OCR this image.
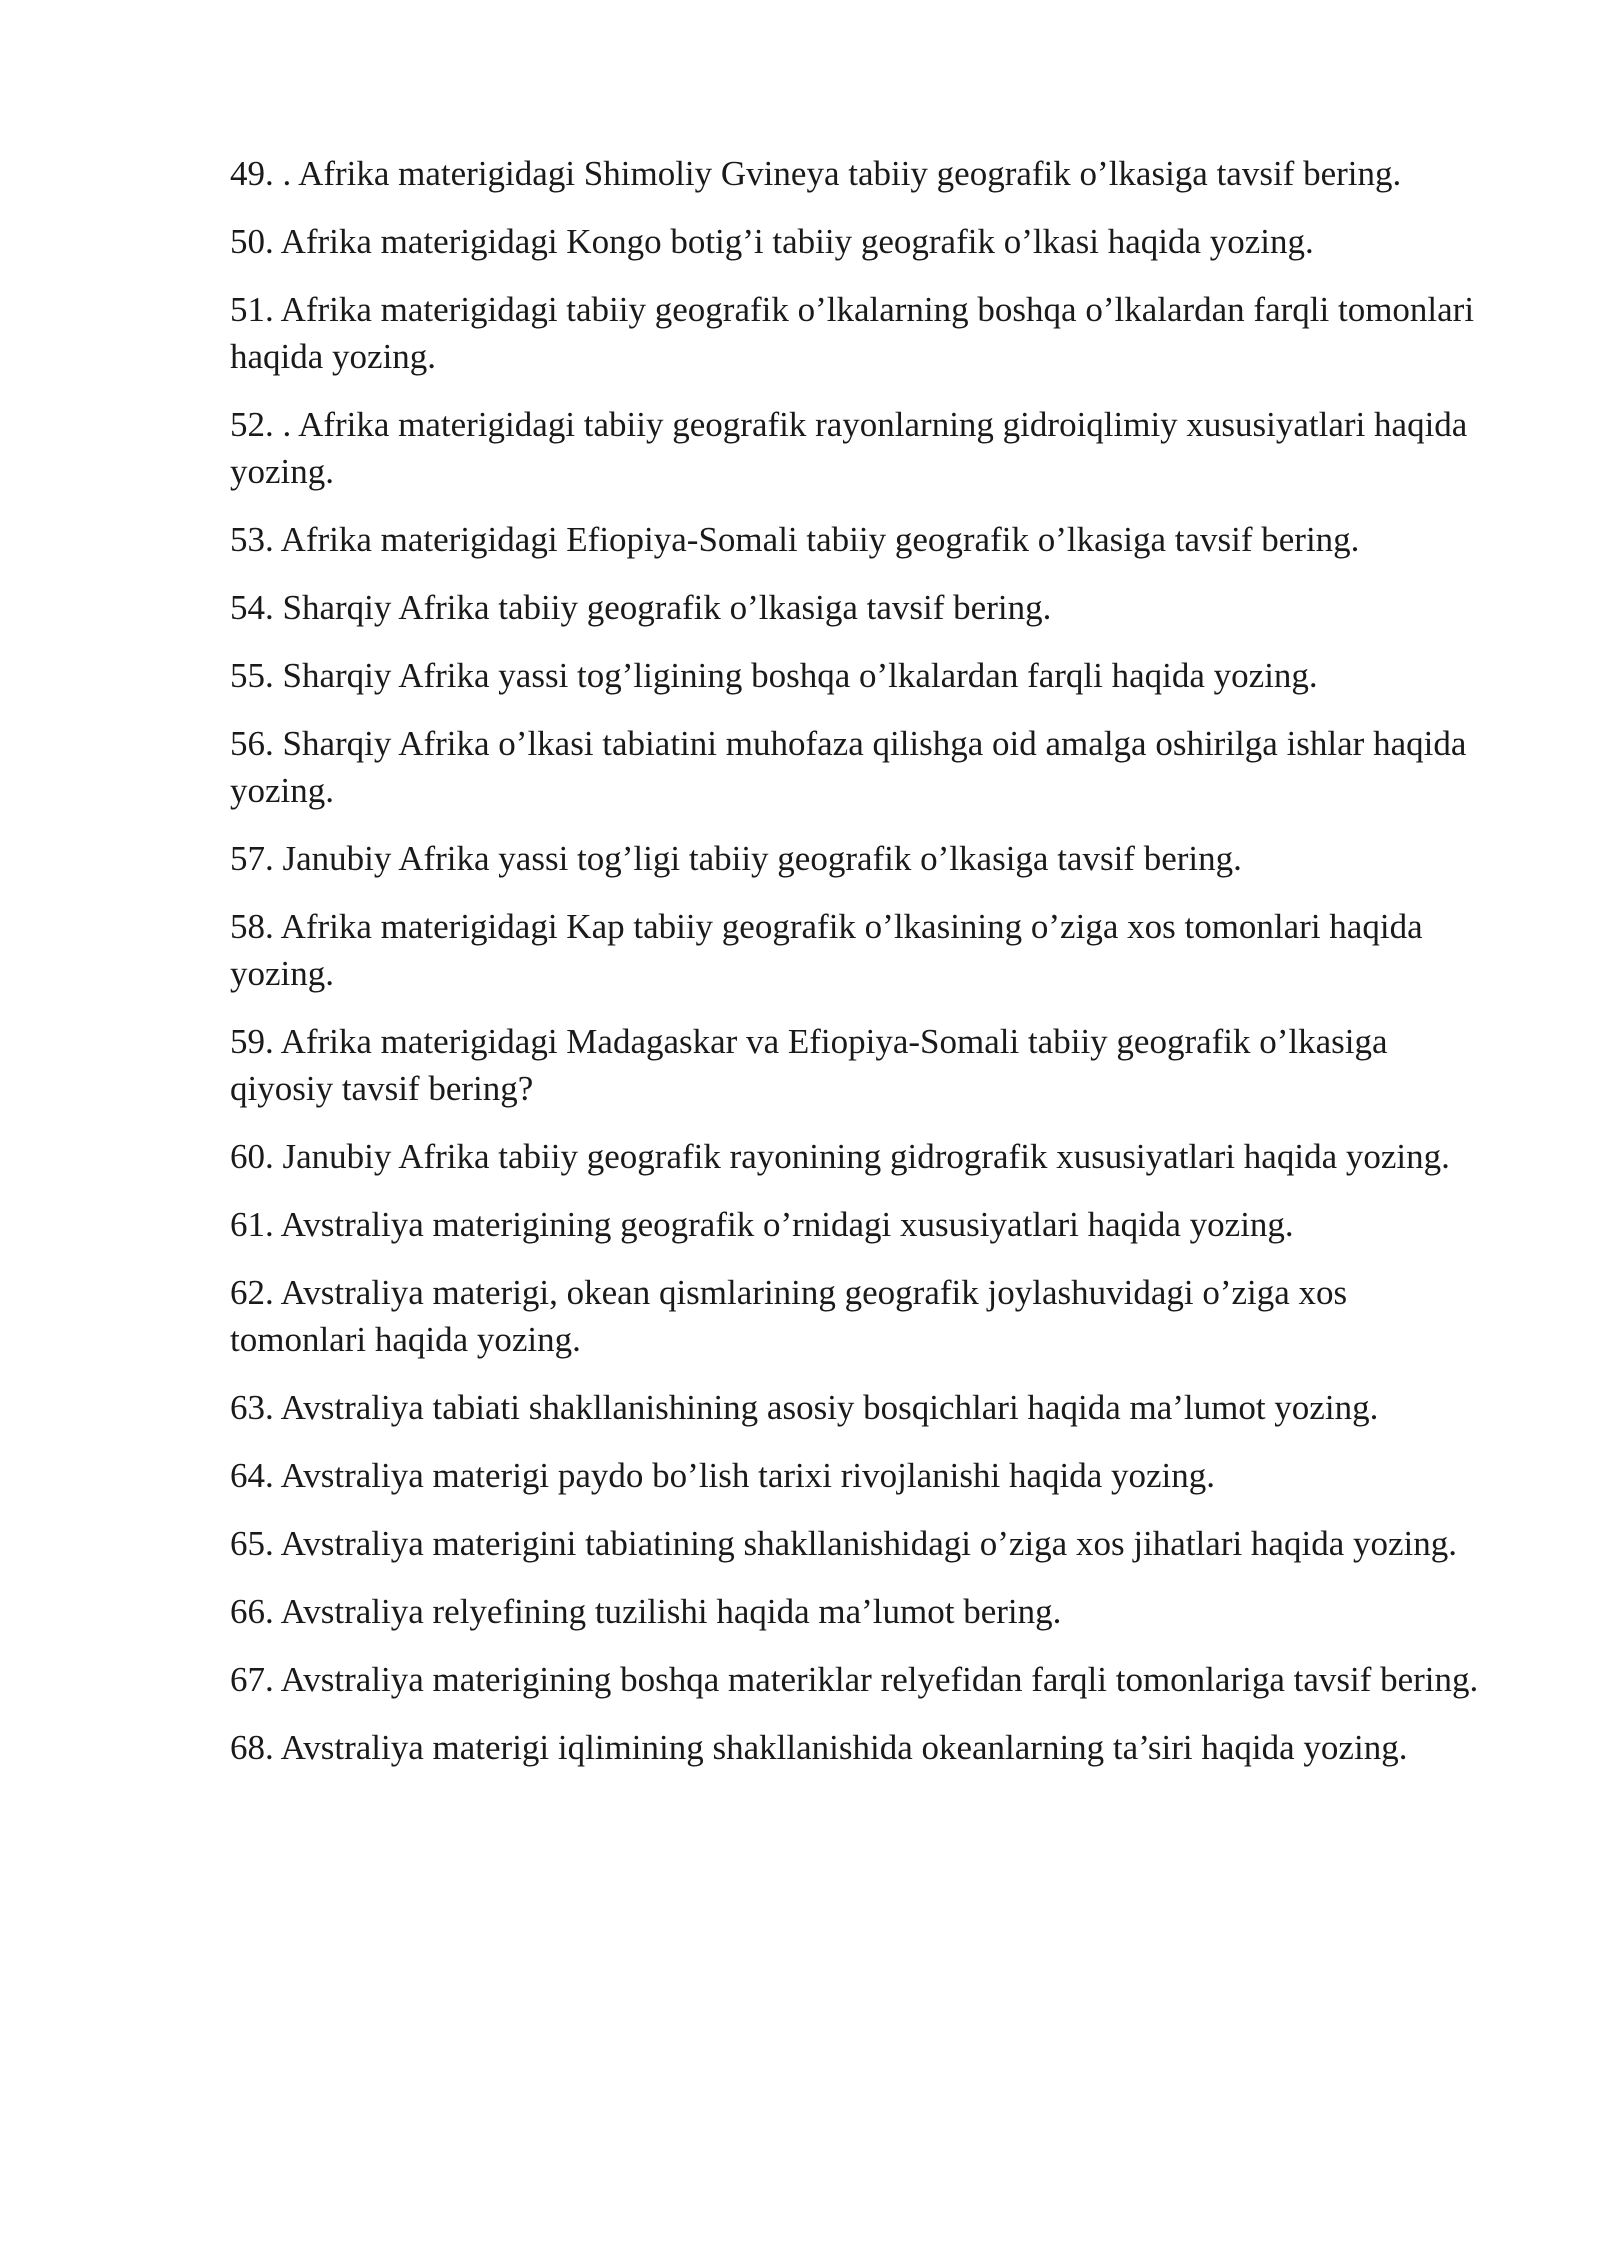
49. . Afrika materigidagi Shimoliy Gvineya tabiiy geografik o’lkasiga tavsif bering.

50. Afrika materigidagi Kongo botig’i tabiiy geografik o’lkasi haqida yozing.

51. Afrika materigidagi tabiiy geografik o’lkalarning boshqa o’lkalardan farqli tomonlari haqida yozing.

52. . Afrika materigidagi tabiiy geografik rayonlarning gidroiqlimiy xususiyatlari haqida yozing.

53. Afrika materigidagi Efiopiya-Somali tabiiy geografik o’lkasiga tavsif bering.

54. Sharqiy Afrika tabiiy geografik o’lkasiga tavsif bering.

55. Sharqiy Afrika yassi tog’ligining boshqa o’lkalardan farqli haqida yozing.

56. Sharqiy Afrika o’lkasi tabiatini muhofaza qilishga oid amalga oshirilga ishlar haqida yozing.

57. Janubiy Afrika yassi tog’ligi tabiiy geografik o’lkasiga tavsif bering.

58. Afrika materigidagi Kap tabiiy geografik o’lkasining o’ziga xos tomonlari haqida yozing.

59. Afrika materigidagi Madagaskar va Efiopiya-Somali tabiiy geografik o’lkasiga qiyosiy tavsif bering?

60. Janubiy Afrika tabiiy geografik rayonining gidrografik xususiyatlari haqida yozing.

61. Avstraliya materigining geografik o’rnidagi xususiyatlari haqida yozing.

62. Avstraliya materigi, okean qismlarining geografik joylashuvidagi o’ziga xos tomonlari haqida yozing.

63. Avstraliya tabiati shakllanishining asosiy bosqichlari haqida ma’lumot yozing.

64. Avstraliya materigi paydo bo’lish tarixi rivojlanishi haqida yozing.

65. Avstraliya materigini tabiatining shakllanishidagi o’ziga xos jihatlari haqida yozing.

66. Avstraliya relyefining tuzilishi haqida ma’lumot bering.

67. Avstraliya materigining boshqa materiklar relyefidan farqli tomonlariga tavsif bering.

68. Avstraliya materigi iqlimining shakllanishida okeanlarning ta’siri haqida yozing.
